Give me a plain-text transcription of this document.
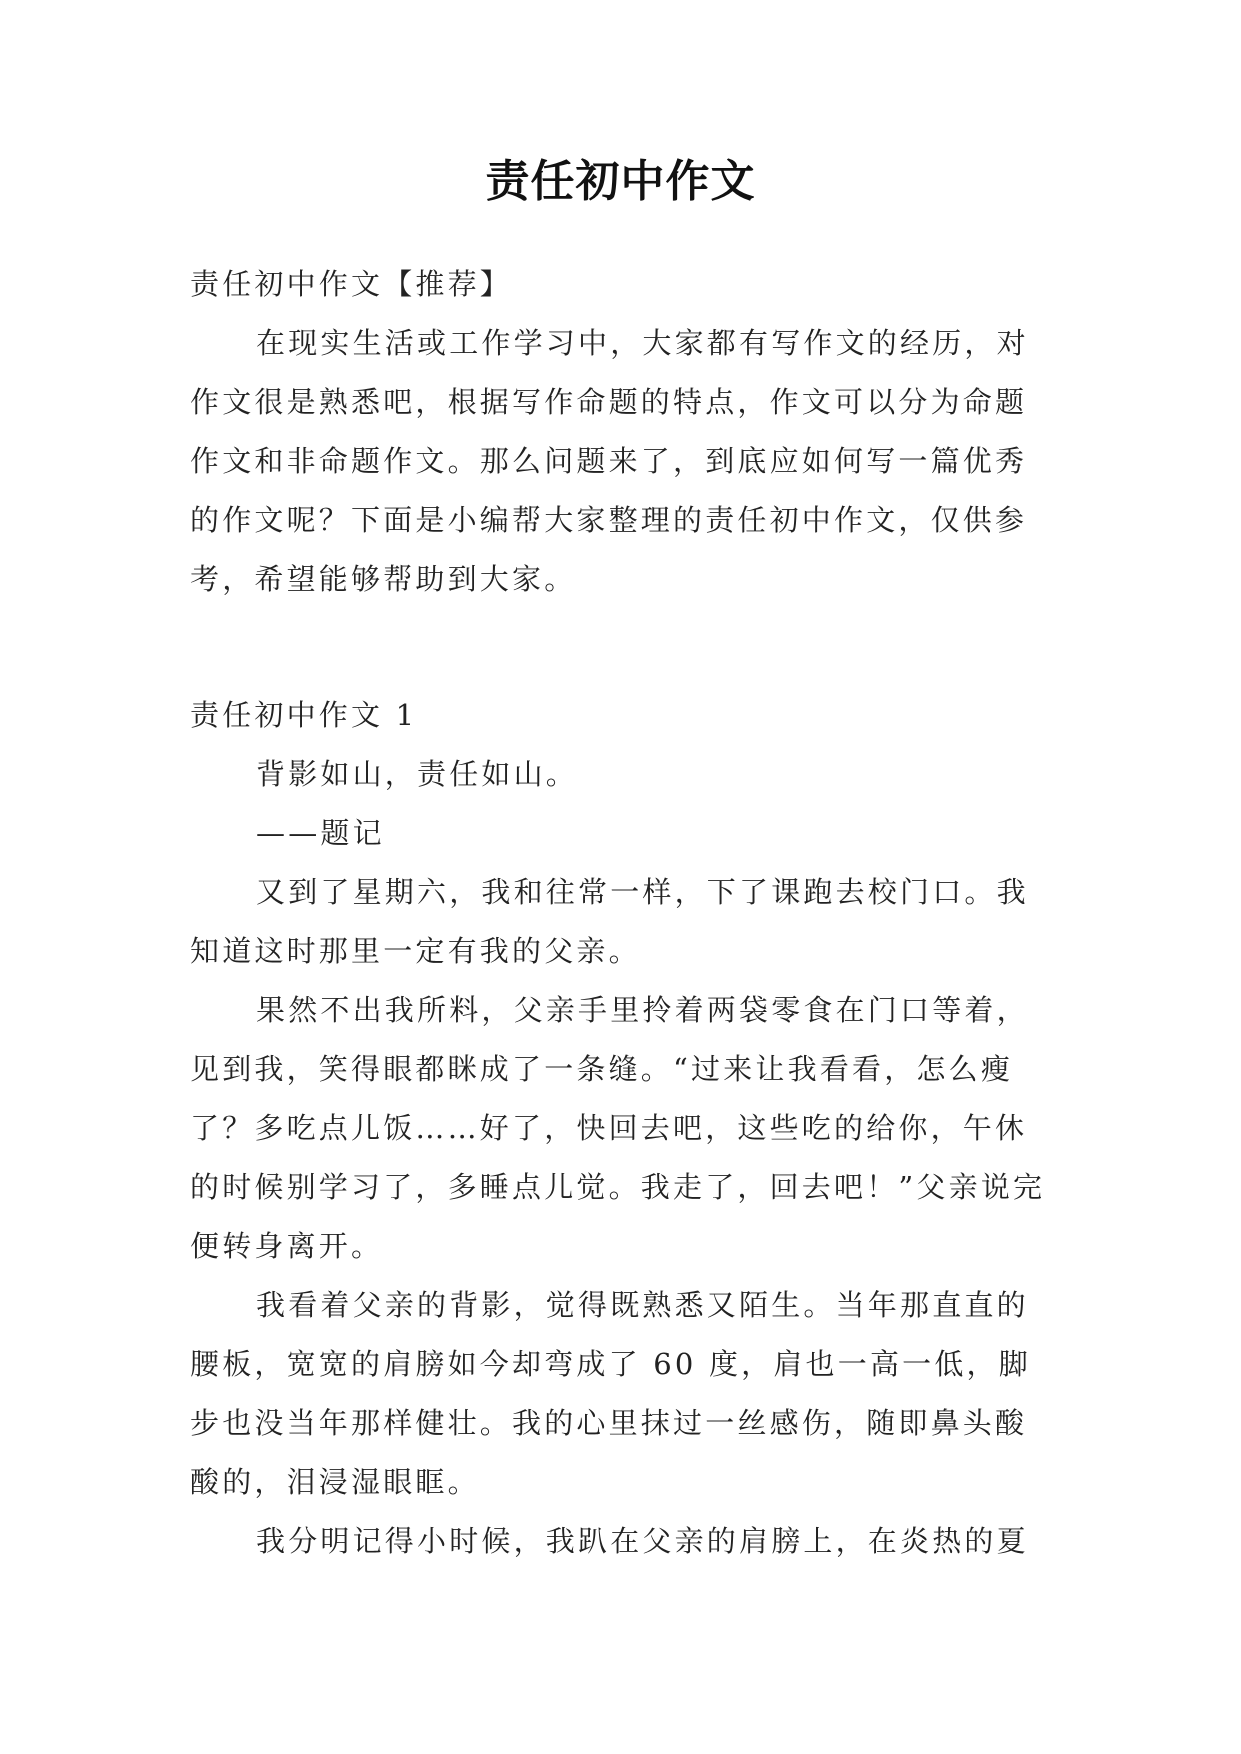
责任初中作文

责任初中作文【推荐】

在现实生活或工作学习中，大家都有写作文的经历，对作文很是熟悉吧，根据写作命题的特点，作文可以分为命题作文和非命题作文。那么问题来了，到底应如何写一篇优秀的作文呢？下面是小编帮大家整理的责任初中作文，仅供参考，希望能够帮助到大家。

责任初中作文 1

背影如山，责任如山。

——题记

又到了星期六，我和往常一样，下了课跑去校门口。我知道这时那里一定有我的父亲。

果然不出我所料，父亲手里拎着两袋零食在门口等着，见到我，笑得眼都眯成了一条缝。“过来让我看看，怎么瘦了？多吃点儿饭……好了，快回去吧，这些吃的给你，午休的时候别学习了，多睡点儿觉。我走了，回去吧！”父亲说完便转身离开。

我看着父亲的背影，觉得既熟悉又陌生。当年那直直的腰板，宽宽的肩膀如今却弯成了 60 度，肩也一高一低，脚步也没当年那样健壮。我的心里抹过一丝感伤，随即鼻头酸酸的，泪浸湿眼眶。

我分明记得小时候，我趴在父亲的肩膀上，在炎热的夏
